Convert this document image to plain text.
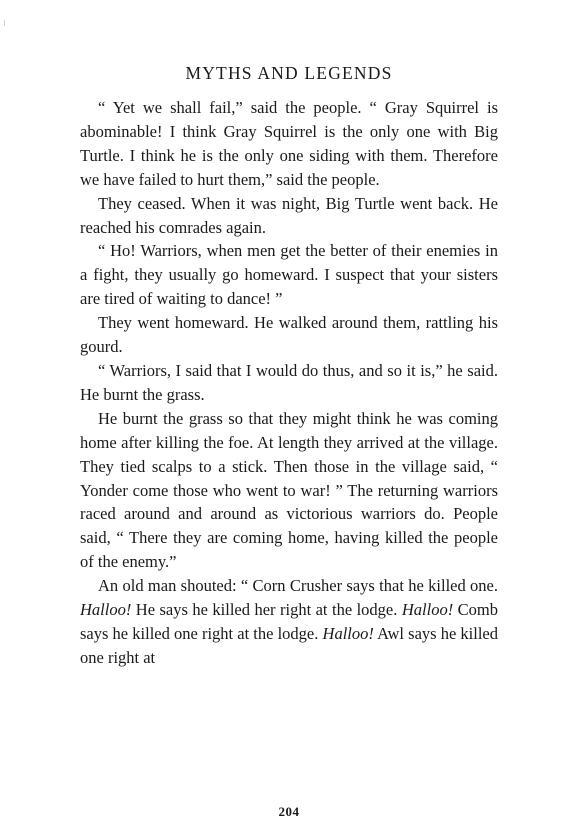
MYTHS AND LEGENDS

“ Yet we shall fail,” said the people. “ Gray Squirrel is abominable! I think Gray Squirrel is the only one with Big Turtle. I think he is the only one siding with them. Therefore we have failed to hurt them,” said the people.

They ceased. When it was night, Big Turtle went back. He reached his comrades again.

“ Ho! Warriors, when men get the better of their enemies in a fight, they usually go homeward. I suspect that your sisters are tired of waiting to dance! ”

They went homeward. He walked around them, rattling his gourd.

“ Warriors, I said that I would do thus, and so it is,” he said. He burnt the grass.

He burnt the grass so that they might think he was coming home after killing the foe. At length they arrived at the village. They tied scalps to a stick. Then those in the village said, “ Yonder come those who went to war! ” The returning warriors raced around and around as victorious warriors do. People said, “ There they are coming home, having killed the people of the enemy.”

An old man shouted: “ Corn Crusher says that he killed one. Halloo! He says he killed her right at the lodge. Halloo! Comb says he killed one right at the lodge. Halloo! Awl says he killed one right at

204
